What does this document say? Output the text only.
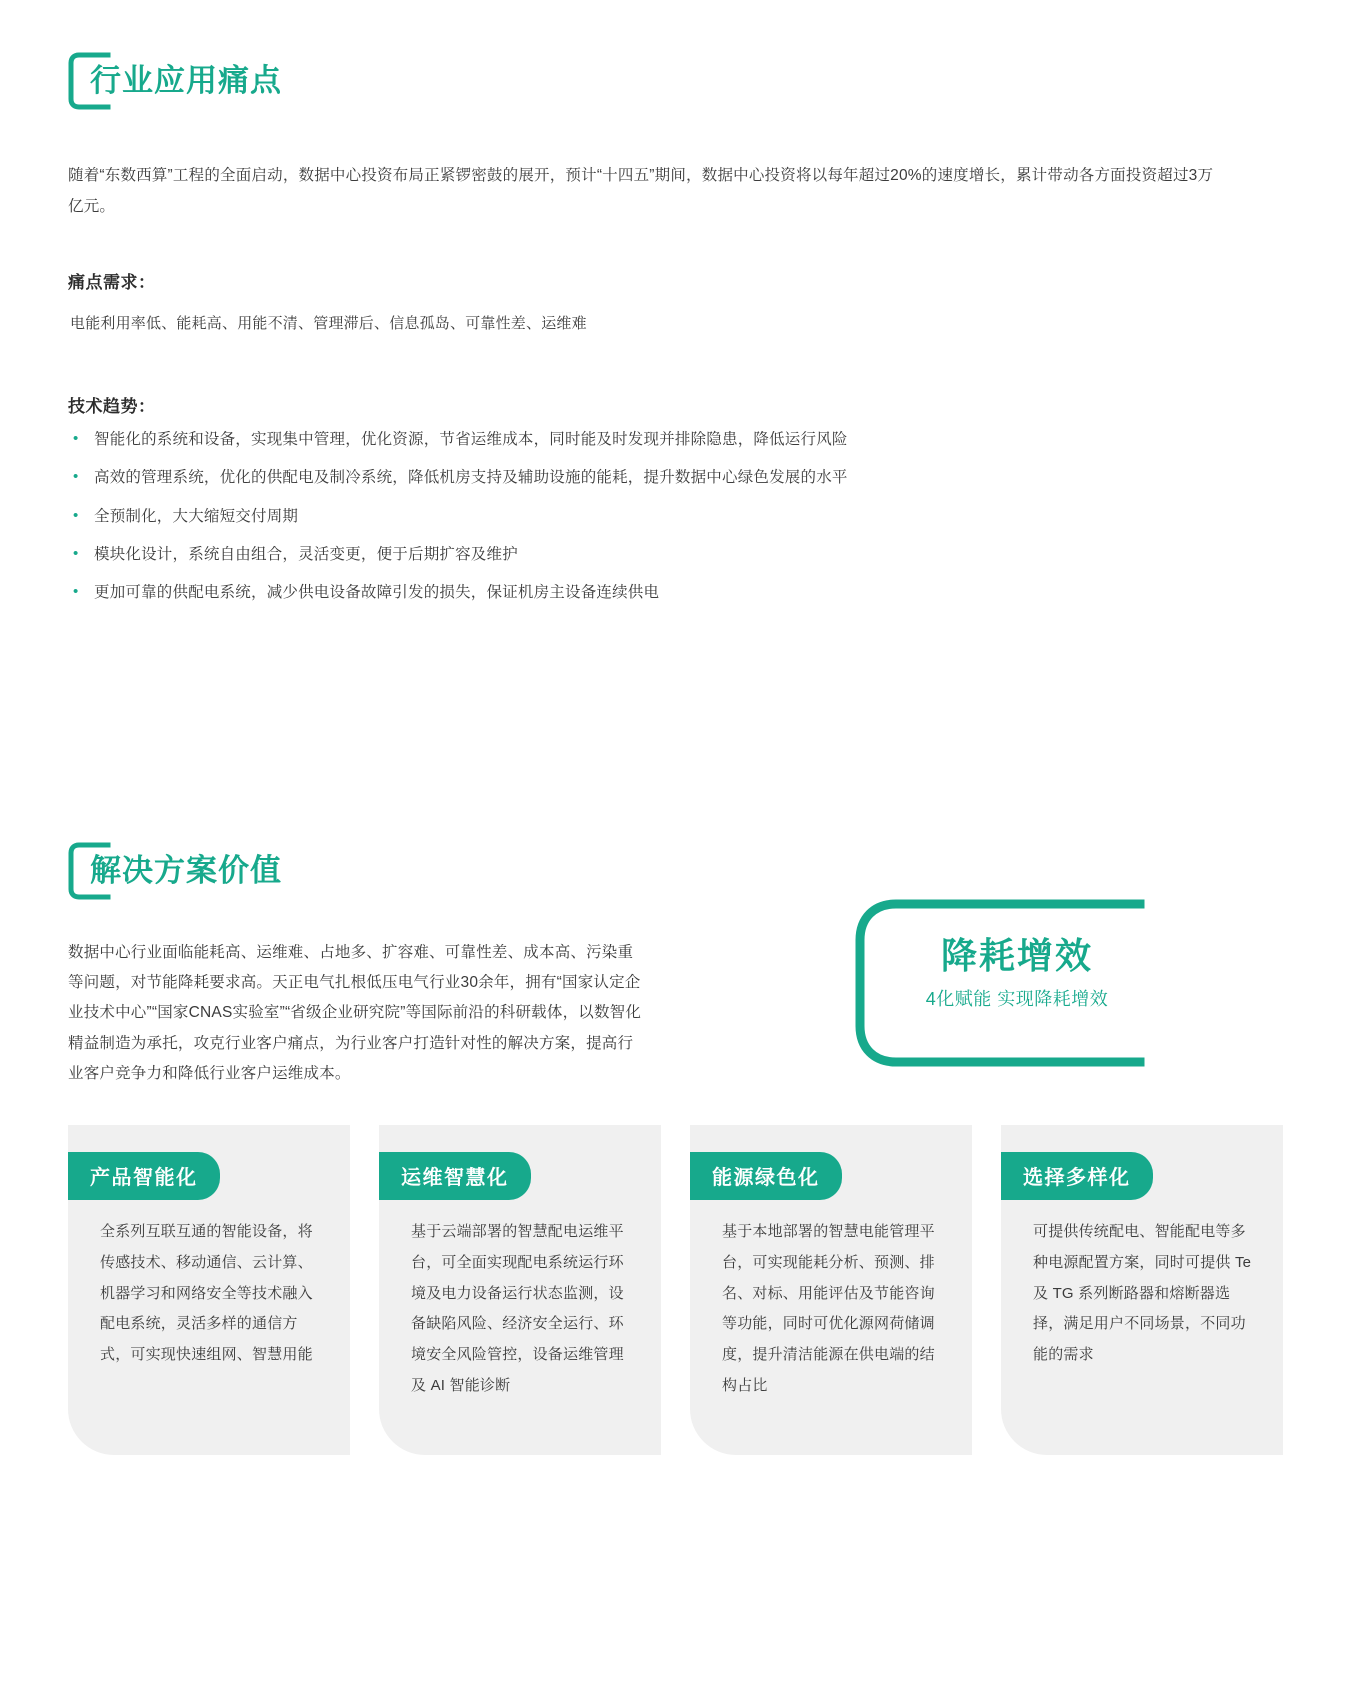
行业应用痛点
随着“东数西算”工程的全面启动，数据中心投资布局正紧锣密鼓的展开，预计“十四五”期间，数据中心投资将以每年超过20%的速度增长，累计带动各方面投资超过3万亿元。
痛点需求：
电能利用率低、能耗高、用能不清、管理滞后、信息孤岛、可靠性差、运维难
技术趋势：
•	智能化的系统和设备，实现集中管理，优化资源，节省运维成本，同时能及时发现并排除隐患，降低运行风险
•	高效的管理系统，优化的供配电及制冷系统，降低机房支持及辅助设施的能耗，提升数据中心绿色发展的水平
•	全预制化，大大缩短交付周期
•	模块化设计，系统自由组合，灵活变更，便于后期扩容及维护
•	更加可靠的供配电系统，减少供电设备故障引发的损失，保证机房主设备连续供电
解决方案价值
数据中心行业面临能耗高、运维难、占地多、扩容难、可靠性差、成本高、污染重等问题，对节能降耗要求高。天正电气扎根低压电气行业30余年，拥有“国家认定企业技术中心”“国家CNAS实验室”“省级企业研究院”等国际前沿的科研载体，以数智化精益制造为承托，攻克行业客户痛点，为行业客户打造针对性的解决方案，提高行业客户竞争力和降低行业客户运维成本。
降耗增效
4化赋能 实现降耗增效
产品智能化
全系列互联互通的智能设备，将传感技术、移动通信、云计算、机器学习和网络安全等技术融入配电系统，灵活多样的通信方式，可实现快速组网、智慧用能
运维智慧化
基于云端部署的智慧配电运维平台，可全面实现配电系统运行环境及电力设备运行状态监测，设备缺陷风险、经济安全运行、环境安全风险管控，设备运维管理及 AI 智能诊断
能源绿色化
基于本地部署的智慧电能管理平台，可实现能耗分析、预测、排名、对标、用能评估及节能咨询等功能，同时可优化源网荷储调度，提升清洁能源在供电端的结构占比
选择多样化
可提供传统配电、智能配电等多种电源配置方案，同时可提供 Te 及 TG 系列断路器和熔断器选择，满足用户不同场景，不同功能的需求
